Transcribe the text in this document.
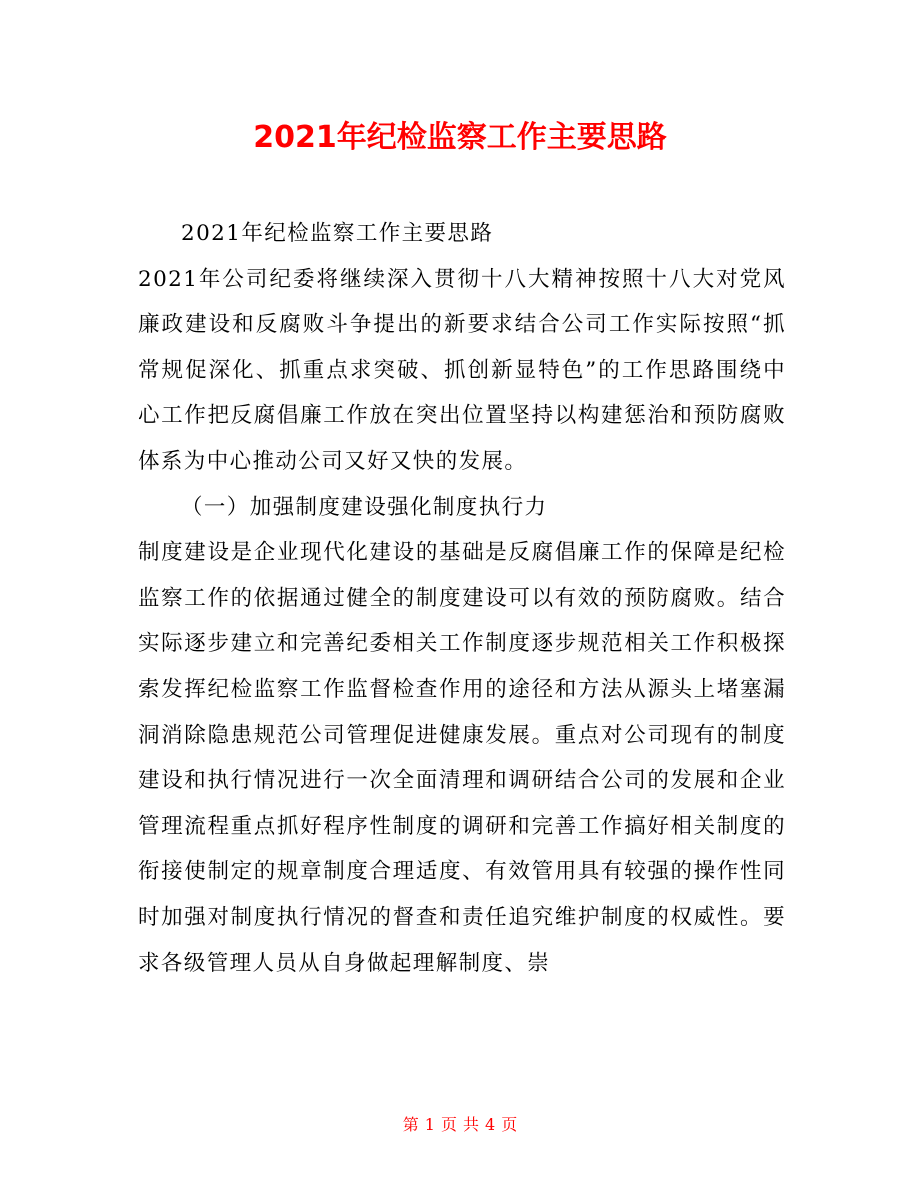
2021年纪检监察工作主要思路

2021年纪检监察工作主要思路

2021年公司纪委将继续深入贯彻十八大精神按照十八大对党风廉政建设和反腐败斗争提出的新要求结合公司工作实际按照“抓常规促深化、抓重点求突破、抓创新显特色”的工作思路围绕中心工作把反腐倡廉工作放在突出位置坚持以构建惩治和预防腐败体系为中心推动公司又好又快的发展。

（一）加强制度建设强化制度执行力

制度建设是企业现代化建设的基础是反腐倡廉工作的保障是纪检监察工作的依据通过健全的制度建设可以有效的预防腐败。结合实际逐步建立和完善纪委相关工作制度逐步规范相关工作积极探索发挥纪检监察工作监督检查作用的途径和方法从源头上堵塞漏洞消除隐患规范公司管理促进健康发展。重点对公司现有的制度建设和执行情况进行一次全面清理和调研结合公司的发展和企业管理流程重点抓好程序性制度的调研和完善工作搞好相关制度的衔接使制定的规章制度合理适度、有效管用具有较强的操作性同时加强对制度执行情况的督查和责任追究维护制度的权威性。要求各级管理人员从自身做起理解制度、崇

第 1 页 共 4 页
